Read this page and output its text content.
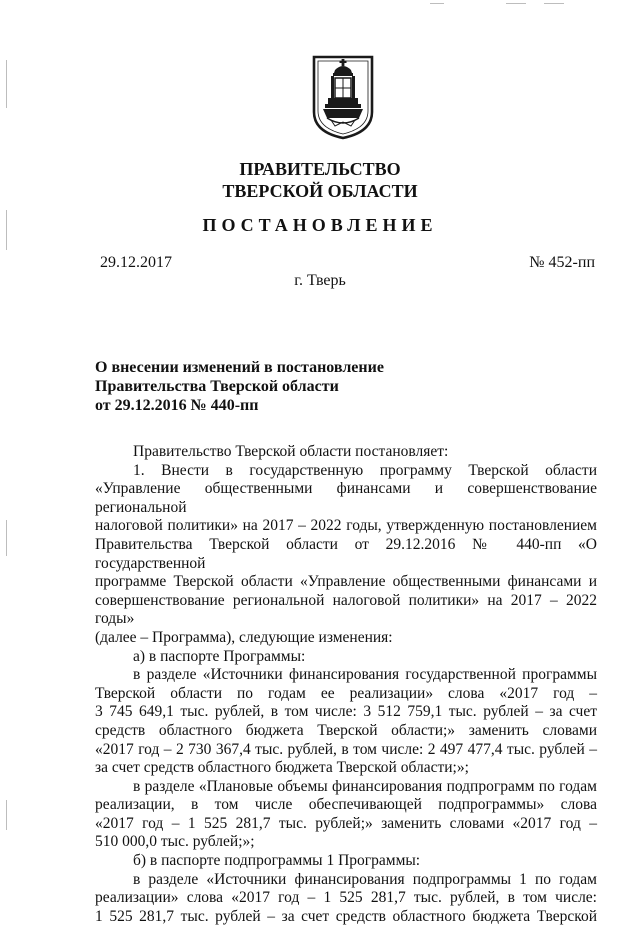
ПРАВИТЕЛЬСТВО
ТВЕРСКОЙ ОБЛАСТИ
ПОСТАНОВЛЕНИЕ
29.12.2017	№ 452-пп
г. Тверь
О внесении изменений в постановление
Правительства Тверской области
от 29.12.2016 № 440-пп

Правительство Тверской области постановляет:

1. Внести в государственную программу Тверской области

«Управление общественными финансами и совершенствование региональной

налоговой политики» на 2017 – 2022 годы, утвержденную постановлением

Правительства Тверской области от 29.12.2016 № 440-пп «О государственной

программе Тверской области «Управление общественными финансами и

совершенствование региональной налоговой политики» на 2017 – 2022 годы»

(далее – Программа), следующие изменения:

а) в паспорте Программы:

в разделе «Источники финансирования государственной программы

Тверской области по годам ее реализации» слова «2017 год –

3 745 649,1 тыс. рублей, в том числе: 3 512 759,1 тыс. рублей – за счет

средств областного бюджета Тверской области;» заменить словами

«2017 год – 2 730 367,4 тыс. рублей, в том числе: 2 497 477,4 тыс. рублей –

за счет средств областного бюджета Тверской области;»;

в разделе «Плановые объемы финансирования подпрограмм по годам

реализации, в том числе обеспечивающей подпрограммы» слова

«2017 год – 1 525 281,7 тыс. рублей;» заменить словами «2017 год –

510 000,0 тыс. рублей;»;

б) в паспорте подпрограммы 1 Программы:

в разделе «Источники финансирования подпрограммы 1 по годам

реализации» слова «2017 год – 1 525 281,7 тыс. рублей, в том числе:

1 525 281,7 тыс. рублей – за счет средств областного бюджета Тверской
